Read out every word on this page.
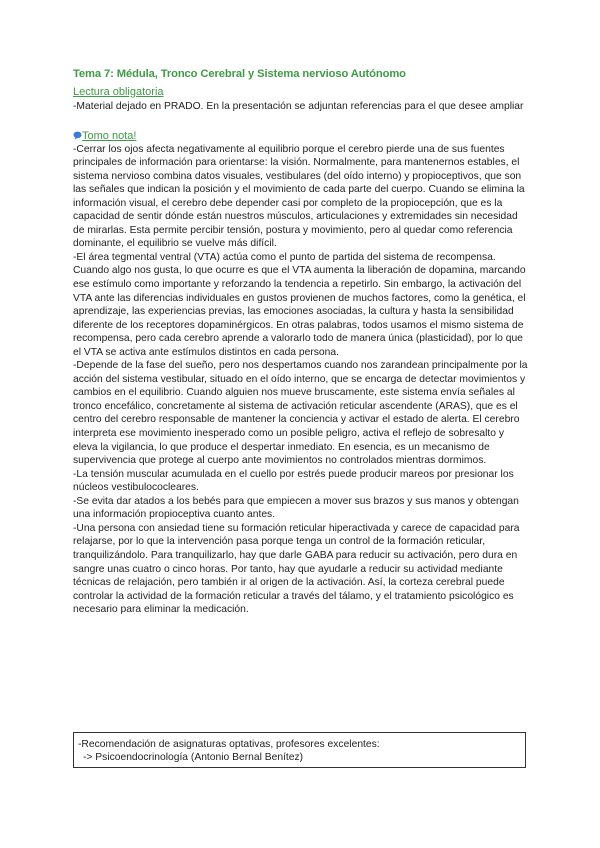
Tema 7: Médula, Tronco Cerebral y Sistema nervioso Autónomo
Lectura obligatoria

-Material dejado en PRADO. En la presentación se adjuntan referencias para el que desee ampliar

Tomo nota!

-Cerrar los ojos afecta negativamente al equilibrio porque el cerebro pierde una de sus fuentes principales de información para orientarse: la visión. Normalmente, para mantenernos estables, el sistema nervioso combina datos visuales, vestibulares (del oído interno) y propioceptivos, que son las señales que indican la posición y el movimiento de cada parte del cuerpo. Cuando se elimina la información visual, el cerebro debe depender casi por completo de la propiocepción, que es la capacidad de sentir dónde están nuestros músculos, articulaciones y extremidades sin necesidad de mirarlas. Esta permite percibir tensión, postura y movimiento, pero al quedar como referencia dominante, el equilibrio se vuelve más difícil.

-El área tegmental ventral (VTA) actúa como el punto de partida del sistema de recompensa. Cuando algo nos gusta, lo que ocurre es que el VTA aumenta la liberación de dopamina, marcando ese estímulo como importante y reforzando la tendencia a repetirlo. Sin embargo, la activación del VTA ante las diferencias individuales en gustos provienen de muchos factores, como la genética, el aprendizaje, las experiencias previas, las emociones asociadas, la cultura y hasta la sensibilidad diferente de los receptores dopaminérgicos. En otras palabras, todos usamos el mismo sistema de recompensa, pero cada cerebro aprende a valorarlo todo de manera única (plasticidad), por lo que el VTA se activa ante estímulos distintos en cada persona.

-Depende de la fase del sueño, pero nos despertamos cuando nos zarandean principalmente por la acción del sistema vestibular, situado en el oído interno, que se encarga de detectar movimientos y cambios en el equilibrio. Cuando alguien nos mueve bruscamente, este sistema envía señales al tronco encefálico, concretamente al sistema de activación reticular ascendente (ARAS), que es el centro del cerebro responsable de mantener la conciencia y activar el estado de alerta. El cerebro interpreta ese movimiento inesperado como un posible peligro, activa el reflejo de sobresalto y eleva la vigilancia, lo que produce el despertar inmediato. En esencia, es un mecanismo de supervivencia que protege al cuerpo ante movimientos no controlados mientras dormimos.

-La tensión muscular acumulada en el cuello por estrés puede producir mareos por presionar los núcleos vestibulococleares.

-Se evita dar atados a los bebés para que empiecen a mover sus brazos y sus manos y obtengan una información propioceptiva cuanto antes.

-Una persona con ansiedad tiene su formación reticular hiperactivada y carece de capacidad para relajarse, por lo que la intervención pasa porque tenga un control de la formación reticular, tranquilizándolo. Para tranquilizarlo, hay que darle GABA para reducir su activación, pero dura en sangre unas cuatro o cinco horas. Por tanto, hay que ayudarle a reducir su actividad mediante técnicas de relajación, pero también ir al origen de la activación. Así, la corteza cerebral puede controlar la actividad de la formación reticular a través del tálamo, y el tratamiento psicológico es necesario para eliminar la medicación.

-Recomendación de asignaturas optativas, profesores excelentes:

-> Psicoendocrinología (Antonio Bernal Benítez)
